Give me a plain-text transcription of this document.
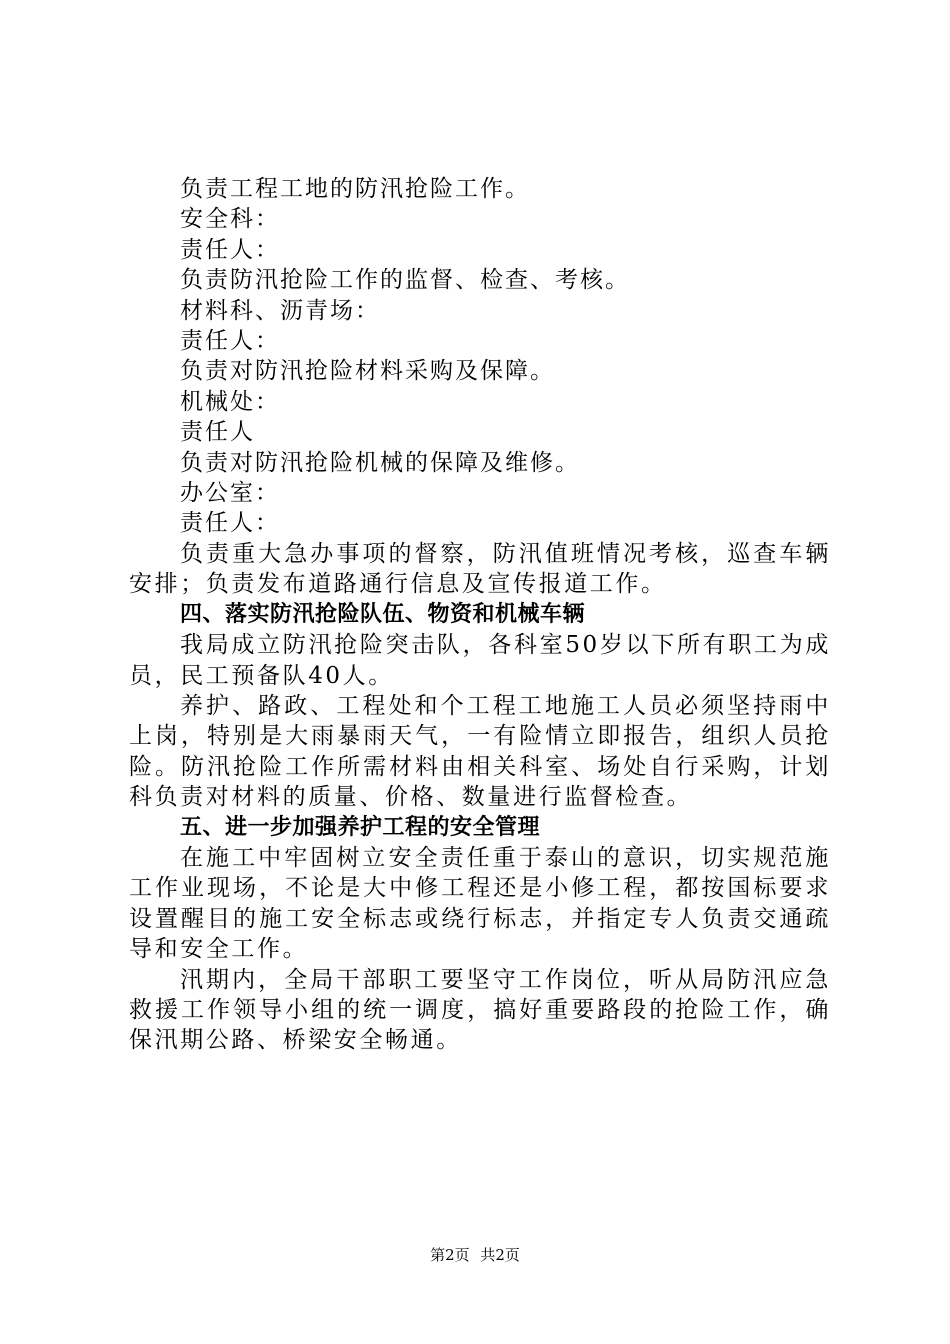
负责工程工地的防汛抢险工作。

安全科：

责任人：

负责防汛抢险工作的监督、检查、考核。

材料科、沥青场：

责任人：

负责对防汛抢险材料采购及保障。

机械处：

责任人

负责对防汛抢险机械的保障及维修。

办公室：

责任人：

负责重大急办事项的督察，防汛值班情况考核，巡查车辆安排；负责发布道路通行信息及宣传报道工作。

四、落实防汛抢险队伍、物资和机械车辆

我局成立防汛抢险突击队，各科室50岁以下所有职工为成员，民工预备队40人。

养护、路政、工程处和个工程工地施工人员必须坚持雨中上岗，特别是大雨暴雨天气，一有险情立即报告，组织人员抢险。防汛抢险工作所需材料由相关科室、场处自行采购，计划科负责对材料的质量、价格、数量进行监督检查。

五、进一步加强养护工程的安全管理

在施工中牢固树立安全责任重于泰山的意识，切实规范施工作业现场，不论是大中修工程还是小修工程，都按国标要求设置醒目的施工安全标志或绕行标志，并指定专人负责交通疏导和安全工作。

汛期内，全局干部职工要坚守工作岗位，听从局防汛应急救援工作领导小组的统一调度，搞好重要路段的抢险工作，确保汛期公路、桥梁安全畅通。

第2页 共2页
